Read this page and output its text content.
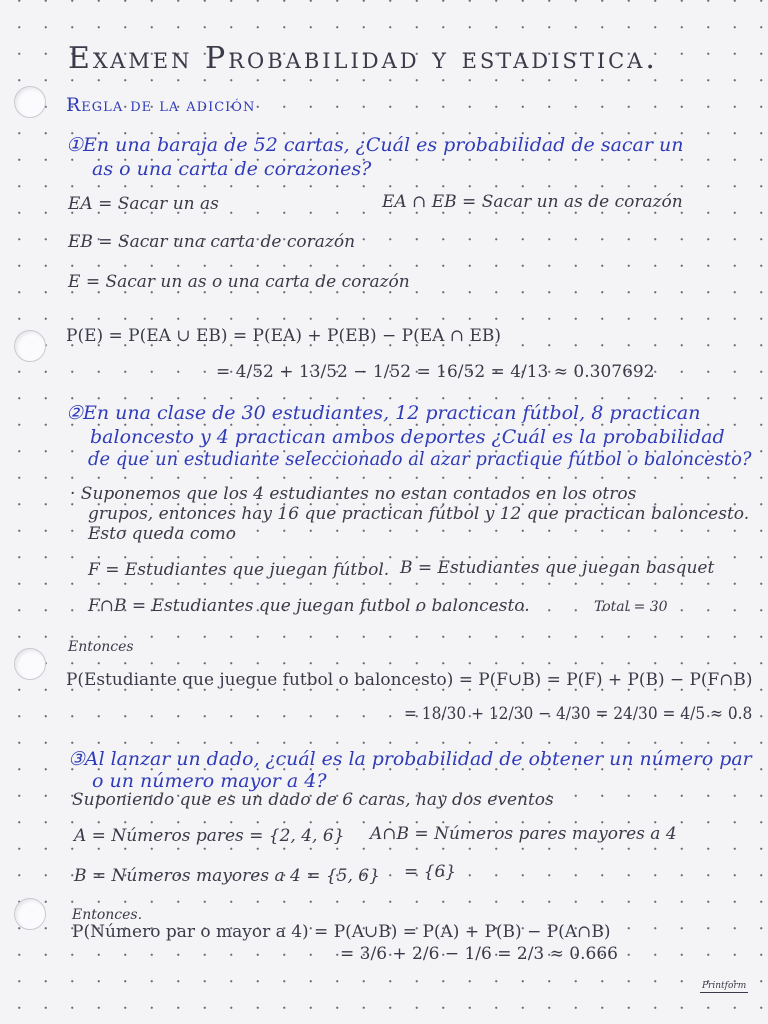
Examen Probabilidad y estadistica.
Regla de la adición
①En una baraja de 52 cartas, ¿Cuál es probabilidad de sacar un
as o una carta de corazones?
EA = Sacar un as	EA ∩ EB = Sacar un as de corazón
EB = Sacar una carta de corazón
E = Sacar un as o una carta de corazón
P(E) = P(EA ∪ EB) = P(EA) + P(EB) − P(EA ∩ EB)
= 4/52 + 13/52 − 1/52 = 16/52 = 4/13 ≈ 0.307692
②En una clase de 30 estudiantes, 12 practican fútbol, 8 practican
baloncesto y 4 practican ambos deportes ¿Cuál es la probabilidad
de que un estudiante seleccionado al azar practique fútbol o baloncesto?
· Suponemos que los 4 estudiantes no estan contados en los otros
grupos, entonces hay 16 que practican fútbol y 12 que practican baloncesto.
Esto queda como
F = Estudiantes que juegan fútbol. B = Estudiantes que juegan basquet
F∩B = Estudiantes que juegan futbol o baloncesto.	Total = 30
Entonces
P(Estudiante que juegue futbol o baloncesto) = P(F∪B) = P(F) + P(B) − P(F∩B)
= 18/30 + 12/30 − 4/30 = 24/30 = 4/5 ≈ 0.8
③Al lanzar un dado, ¿cuál es la probabilidad de obtener un número par
o un número mayor a 4?
Suponiendo que es un dado de 6 caras, hay dos eventos
A = Números pares = {2, 4, 6} A∩B = Números pares mayores a 4
B = Números mayores a 4 = {5, 6} = {6}
Entonces.
P(Número par o mayor a 4) = P(A∪B) = P(A) + P(B) − P(A∩B)
= 3/6 + 2/6 − 1/6 = 2/3 ≈ 0.666
Printform
